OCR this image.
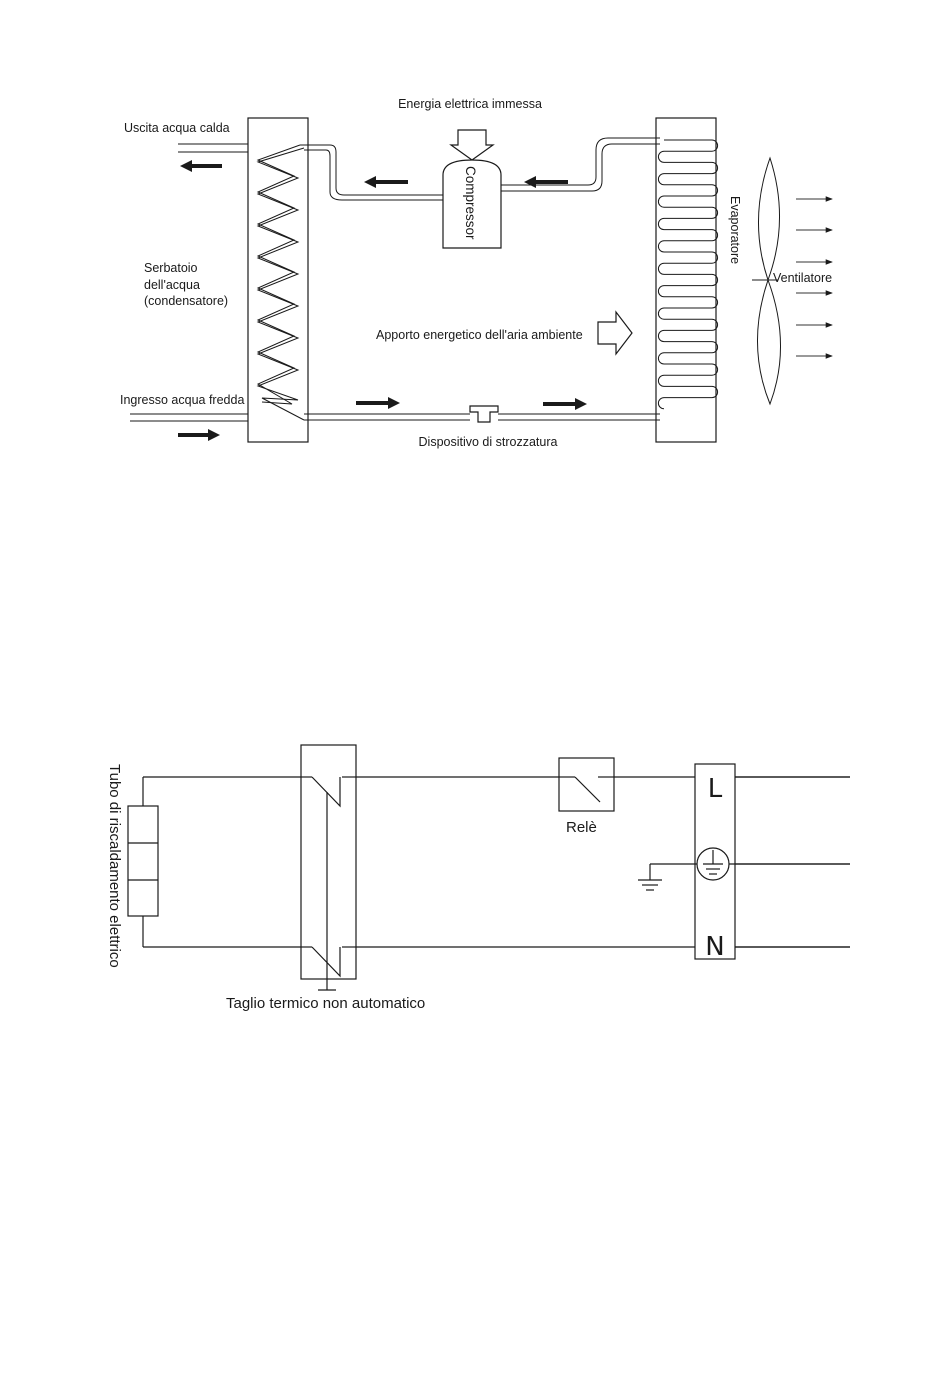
Energia elettrica immessa
Uscita acqua calda
Serbatoio
dell'acqua
(condensatore)
Ingresso acqua fredda
Compressor	Evaporatore
Apporto energetico dell'aria ambiente
Dispositivo di strozzatura
Ventilatore
Tubo di riscaldamento elettrico
Taglio termico non automatico
Relè
L
N
